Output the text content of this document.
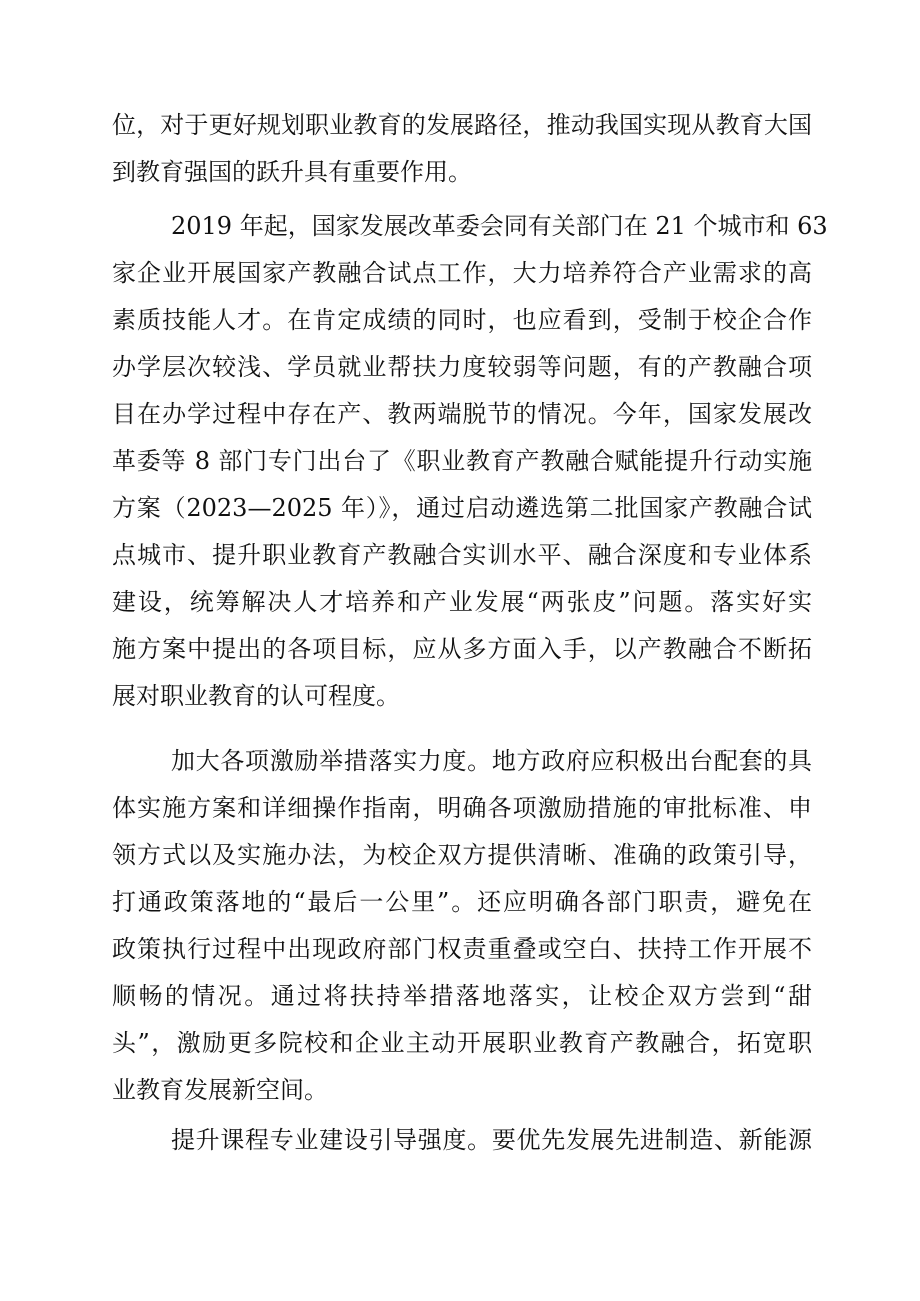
位，对于更好规划职业教育的发展路径，推动我国实现从教育大国
到教育强国的跃升具有重要作用。
2019 年起，国家发展改革委会同有关部门在 21 个城市和 63
家企业开展国家产教融合试点工作，大力培养符合产业需求的高
素质技能人才。在肯定成绩的同时，也应看到，受制于校企合作
办学层次较浅、学员就业帮扶力度较弱等问题，有的产教融合项
目在办学过程中存在产、教两端脱节的情况。今年，国家发展改
革委等 8 部门专门出台了《职业教育产教融合赋能提升行动实施
方案（2023—2025 年）》，通过启动遴选第二批国家产教融合试
点城市、提升职业教育产教融合实训水平、融合深度和专业体系
建设，统筹解决人才培养和产业发展“两张皮”问题。落实好实
施方案中提出的各项目标，应从多方面入手，以产教融合不断拓
展对职业教育的认可程度。
加大各项激励举措落实力度。地方政府应积极出台配套的具
体实施方案和详细操作指南，明确各项激励措施的审批标准、申
领方式以及实施办法，为校企双方提供清晰、准确的政策引导，
打通政策落地的“最后一公里”。还应明确各部门职责，避免在
政策执行过程中出现政府部门权责重叠或空白、扶持工作开展不
顺畅的情况。通过将扶持举措落地落实，让校企双方尝到“甜
头”，激励更多院校和企业主动开展职业教育产教融合，拓宽职
业教育发展新空间。
提升课程专业建设引导强度。要优先发展先进制造、新能源
